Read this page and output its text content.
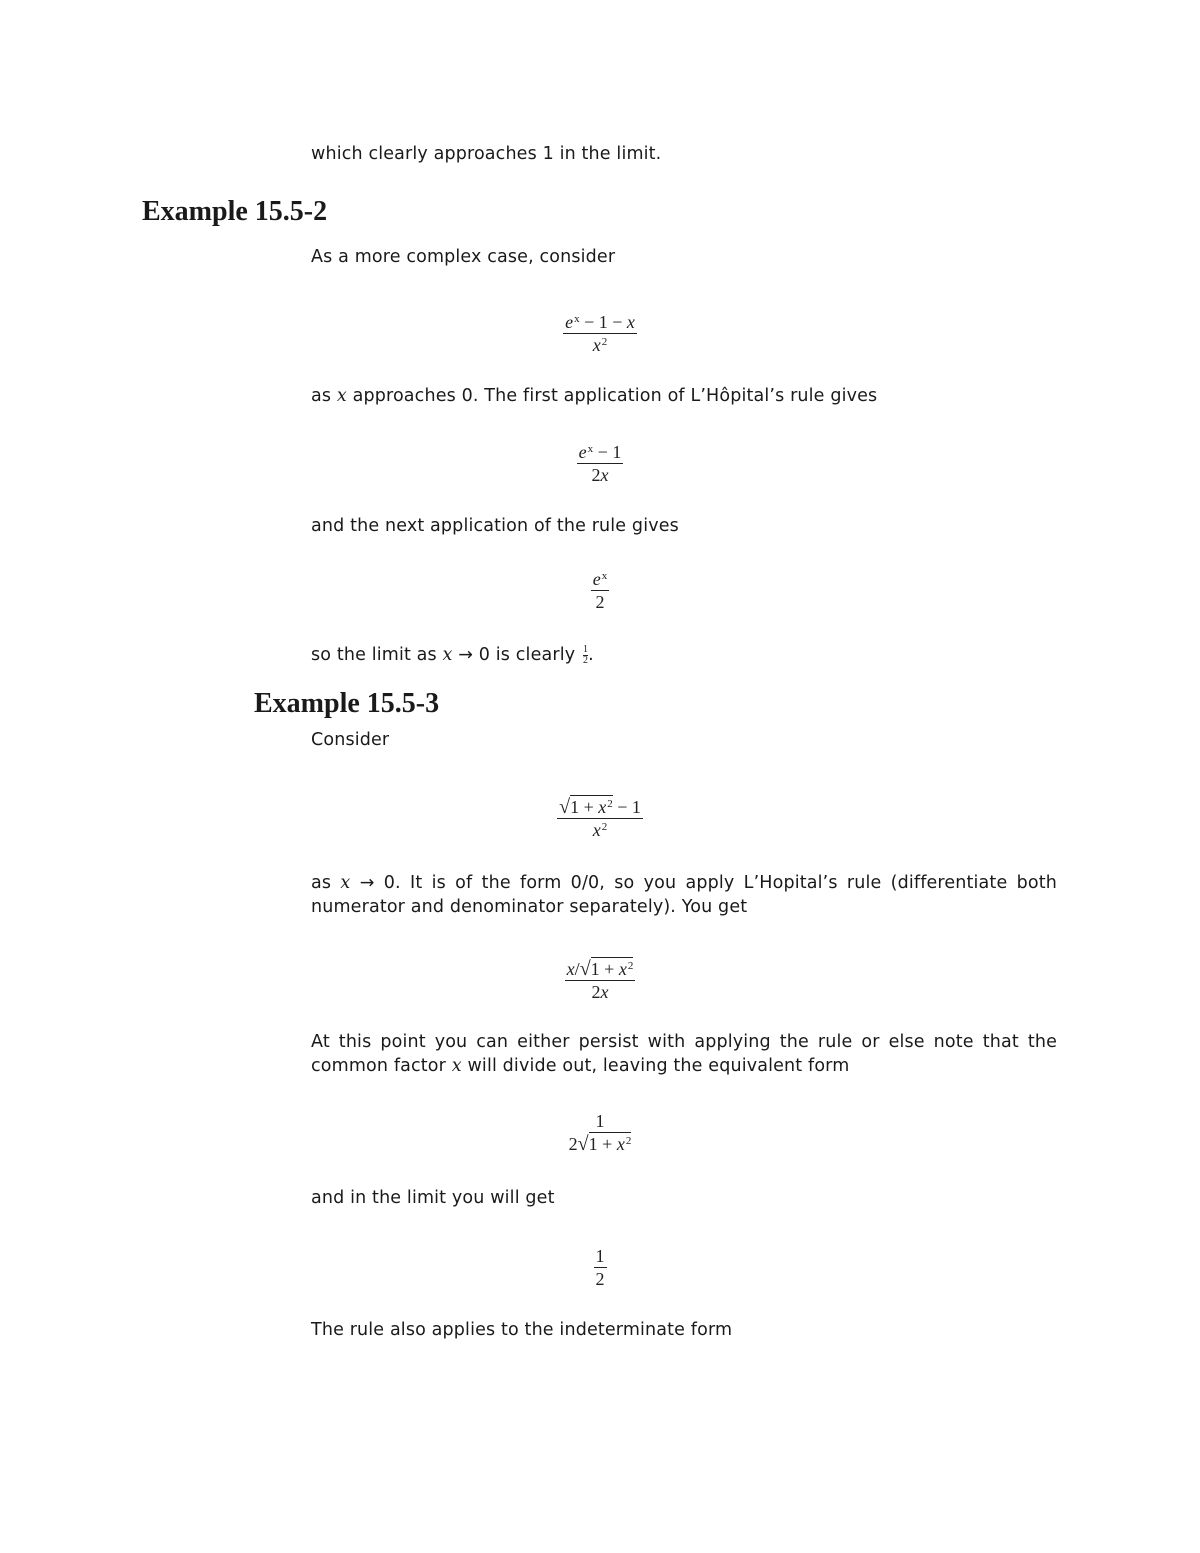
which clearly approaches 1 in the limit.
Example 15.5-2
As a more complex case, consider
$\frac{e^x - 1 - x}{x^2}$
as x approaches 0. The first application of L’Hôpital’s rule gives
$\frac{e^x - 1}{2x}$
and the next application of the rule gives
$\frac{e^x}{2}$
so the limit as x → 0 is clearly $\frac{1}{2}$ .
Example 15.5-3
Consider
$\frac{√1 + x^2 - 1}{x^2}$
as x → 0. It is of the form 0/0, so you apply L’Hopital’s rule (differentiate both numerator and denominator separately). You get
$\frac{x/√1 + x^2}{2x}$
At this point you can either persist with applying the rule or else note that the common factor x will divide out, leaving the equivalent form
$\frac{1}{2√1 + x^2}$
and in the limit you will get
$\frac{1}{2}$
The rule also applies to the indeterminate form
